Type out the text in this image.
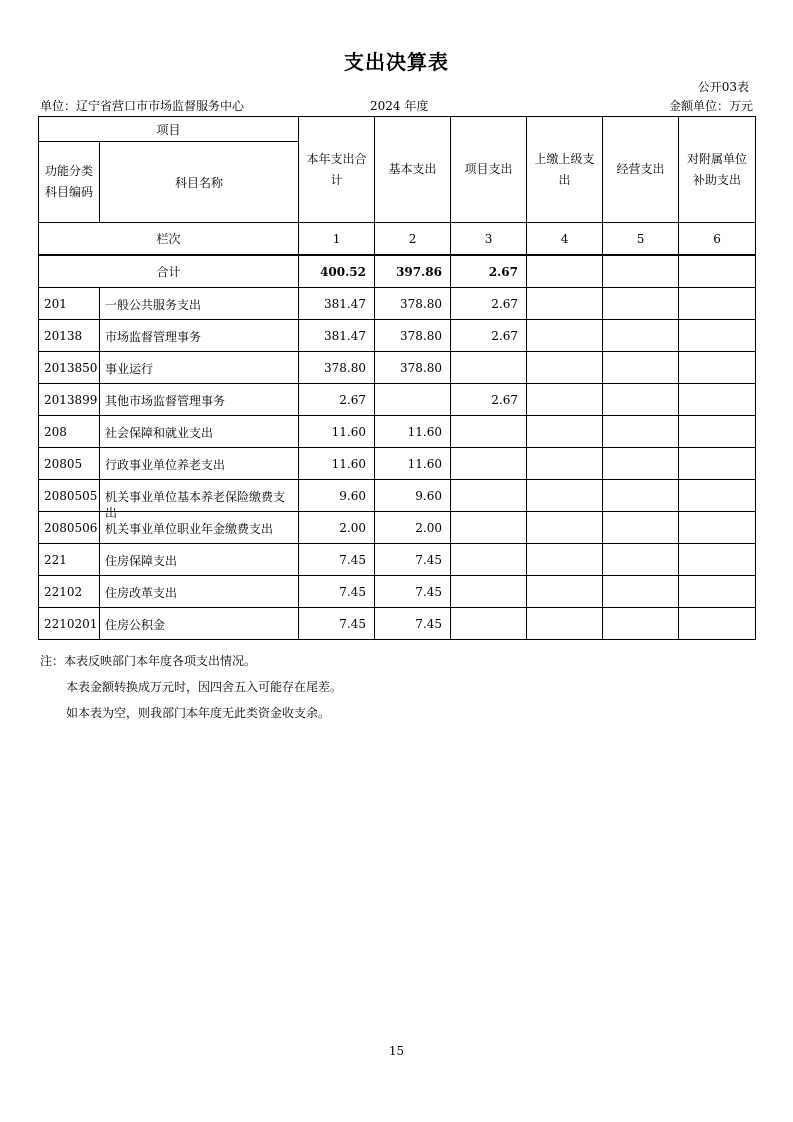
支出决算表
公开03表
单位：辽宁省营口市市场监督服务中心	2024 年度	金额单位：万元
项目		本年支出合计	基本支出	项目支出	上缴上级支出	经营支出	对附属单位补助支出
功能分类科目编码	科目名称						
栏次		1	2	3	4	5	6
合计		400.52	397.86	2.67			
201	一般公共服务支出	381.47	378.80	2.67			
20138	市场监督管理事务	381.47	378.80	2.67			
2013850	事业运行	378.80	378.80				
2013899	其他市场监督管理事务	2.67		2.67			
208	社会保障和就业支出	11.60	11.60				
20805	行政事业单位养老支出	11.60	11.60				
2080505	机关事业单位基本养老保险缴费支出	9.60	9.60				
2080506	机关事业单位职业年金缴费支出	2.00	2.00				
221	住房保障支出	7.45	7.45				
22102	住房改革支出	7.45	7.45				
2210201	住房公积金	7.45	7.45				
注：本表反映部门本年度各项支出情况。
本表金额转换成万元时，因四舍五入可能存在尾差。
如本表为空，则我部门本年度无此类资金收支余。
15
